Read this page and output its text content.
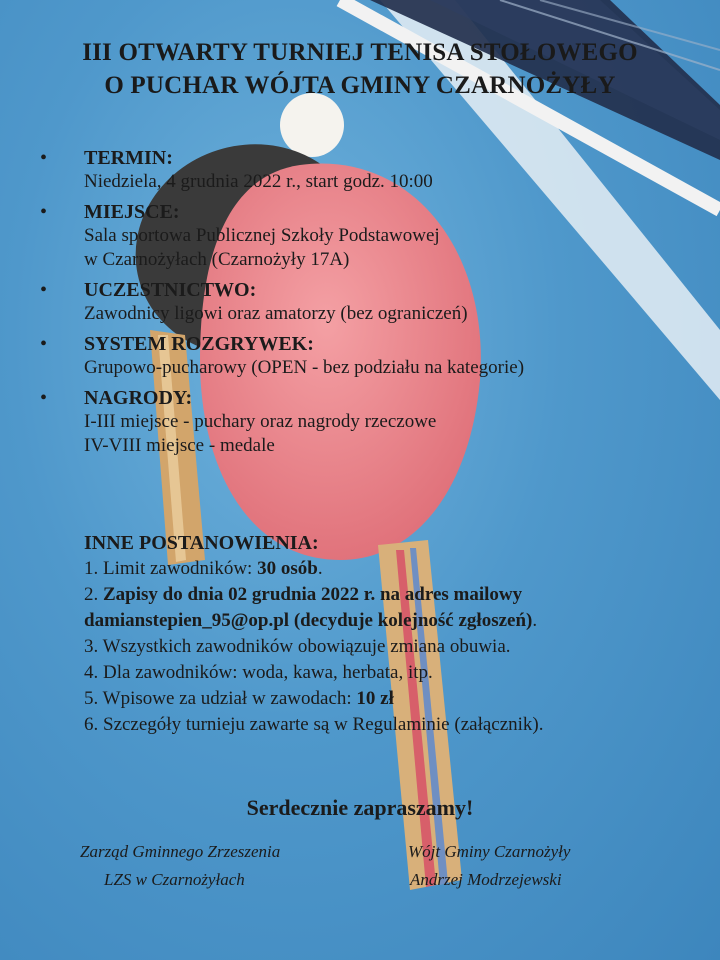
III OTWARTY TURNIEJ TENISA STOŁOWEGO
O PUCHAR WÓJTA GMINY CZARNOŻYŁY
• TERMIN:
Niedziela, 4 grudnia 2022 r., start godz. 10:00
• MIEJSCE:
Sala sportowa Publicznej Szkoły Podstawowej
w Czarnożyłach (Czarnożyły 17A)
• UCZESTNICTWO:
Zawodnicy ligowi oraz amatorzy (bez ograniczeń)
• SYSTEM ROZGRYWEK:
Grupowo-pucharowy (OPEN - bez podziału na kategorie)
• NAGRODY:
I-III miejsce - puchary oraz nagrody rzeczowe
IV-VIII miejsce - medale
INNE POSTANOWIENIA:
1. Limit zawodników: 30 osób.
2. Zapisy do dnia 02 grudnia 2022 r. na adres mailowy
damianstepien_95@op.pl (decyduje kolejność zgłoszeń).
3. Wszystkich zawodników obowiązuje zmiana obuwia.
4. Dla zawodników: woda, kawa, herbata, itp.
5. Wpisowe za udział w zawodach: 10 zł
6. Szczegóły turnieju zawarte są w Regulaminie (załącznik).
Serdecznie zapraszamy!
Zarząd Gminnego Zrzeszenia
LZS w Czarnożyłach
Wójt Gminy Czarnożyły
Andrzej Modrzejewski
